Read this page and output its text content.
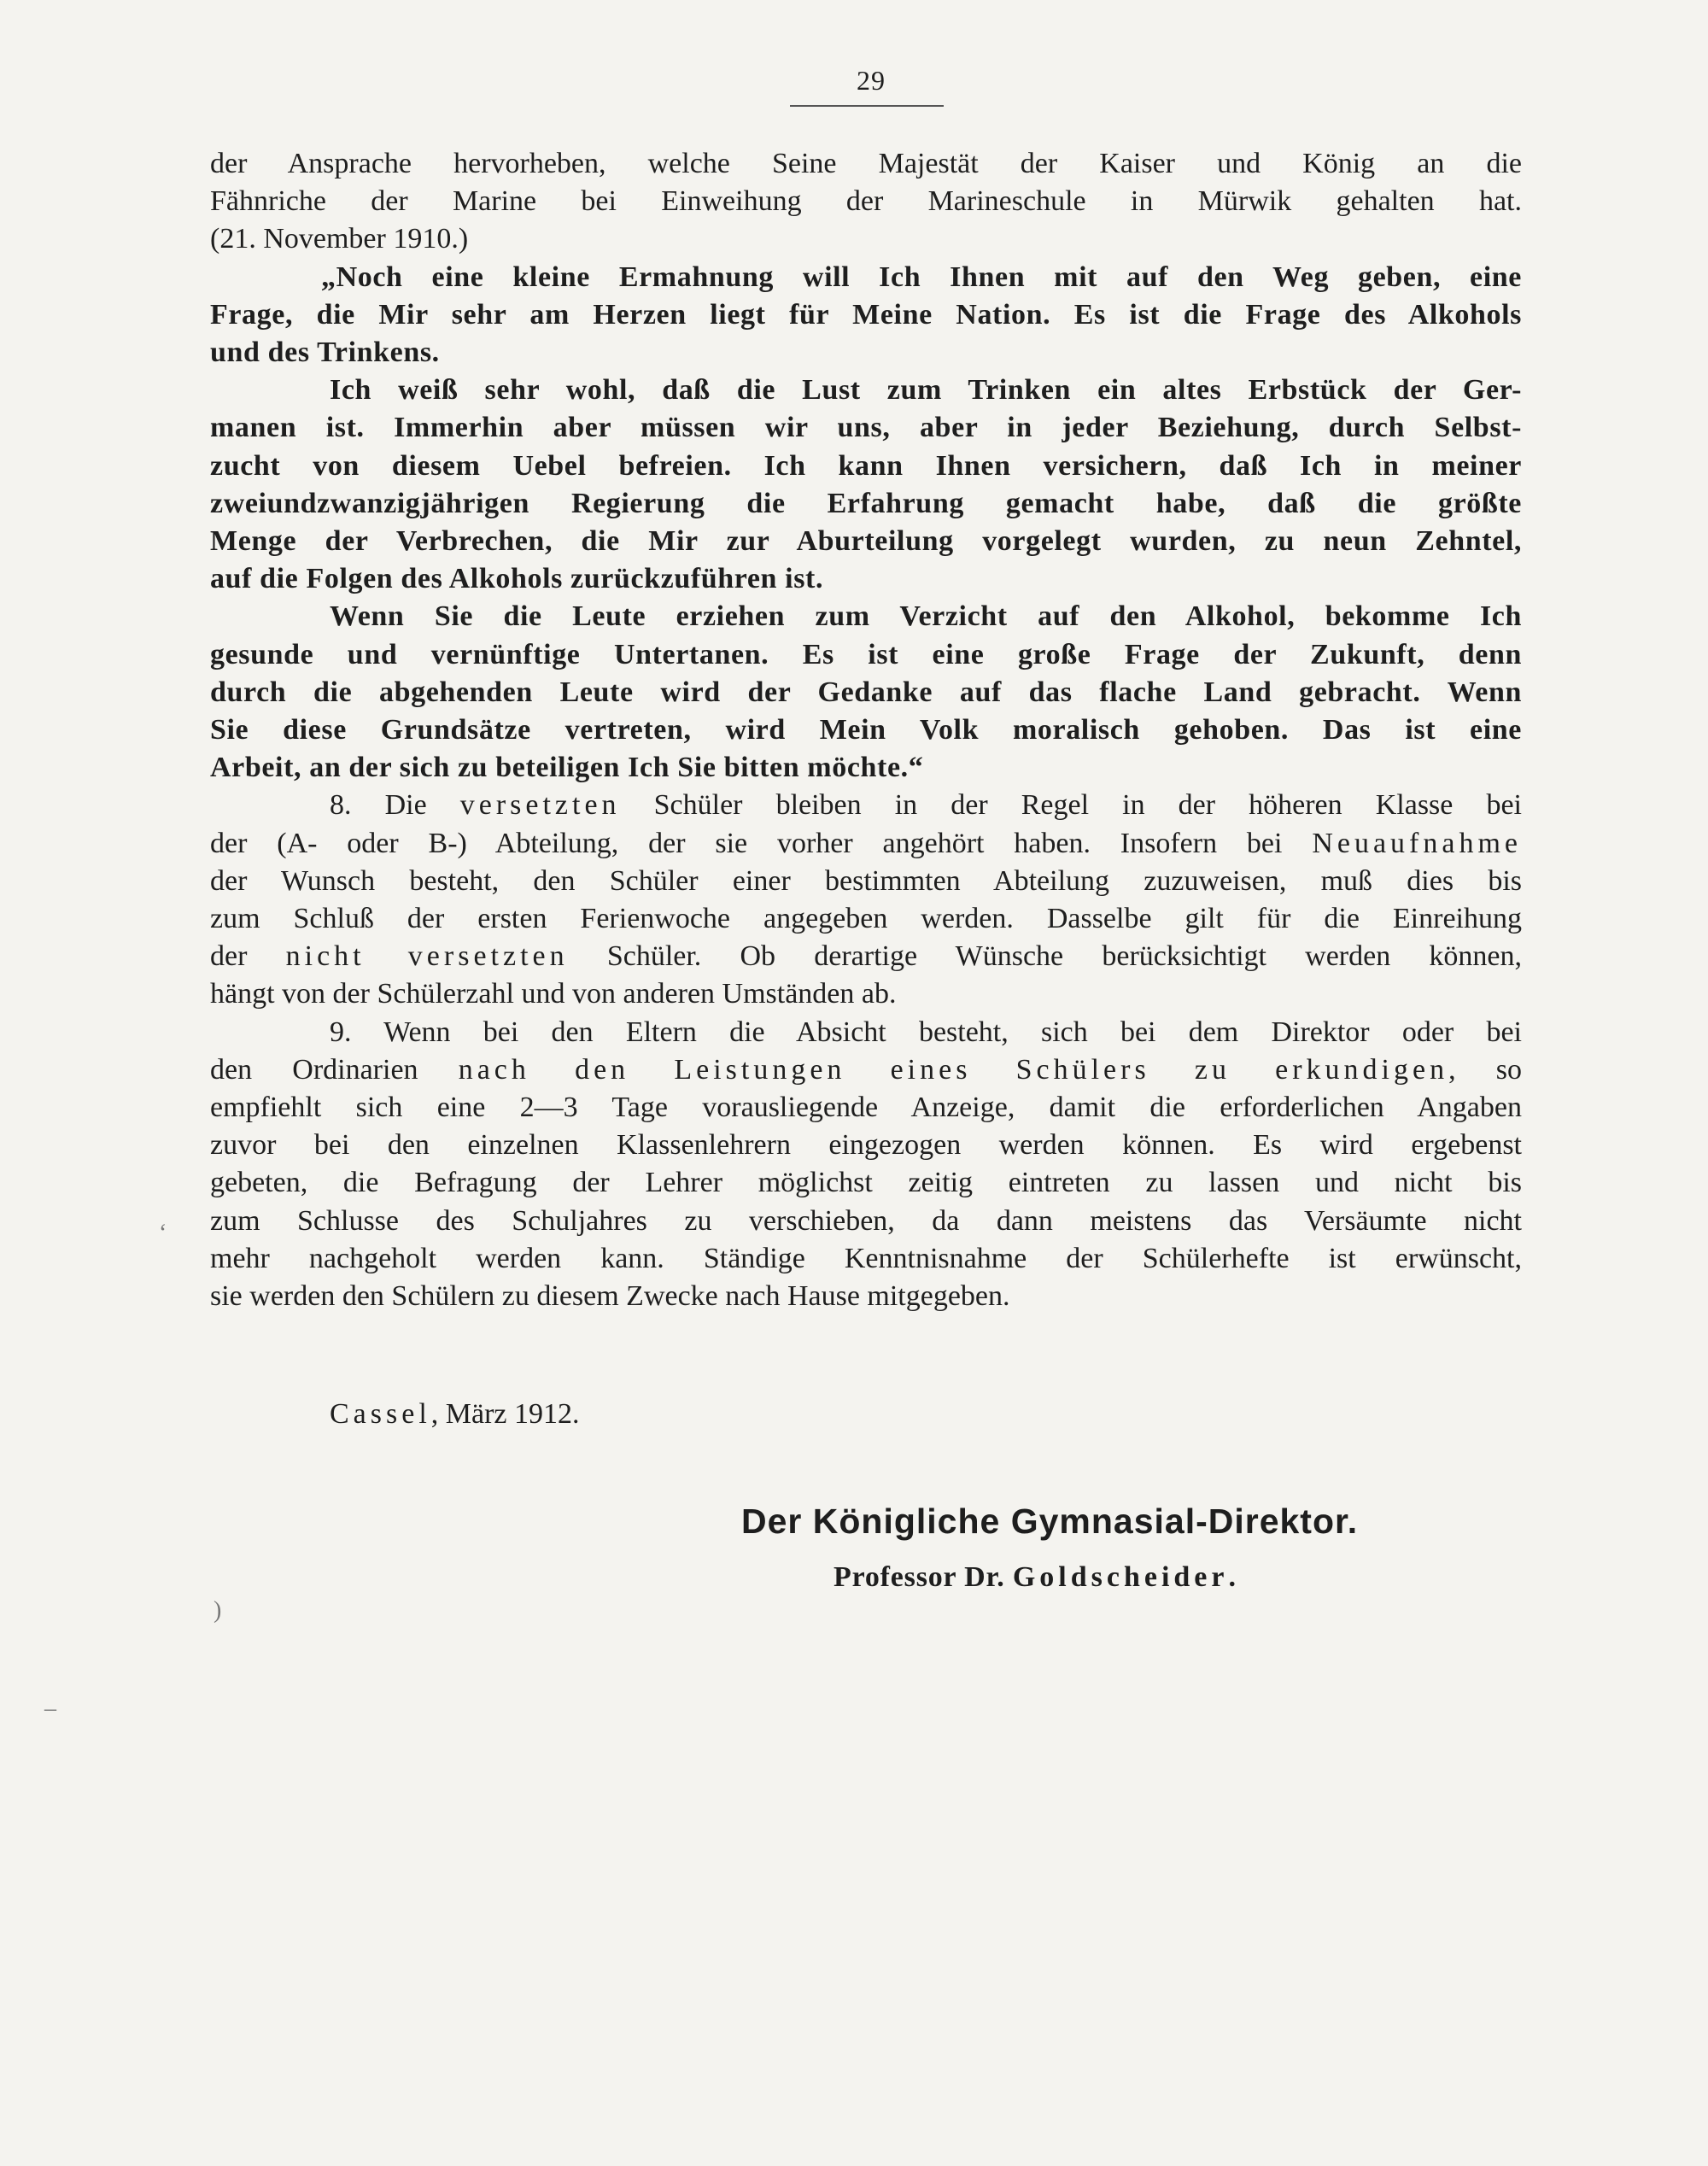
29
der Ansprache hervorheben, welche Seine Majestät der Kaiser und König an die
Fähnriche der Marine bei Einweihung der Marineschule in Mürwik gehalten hat.
(21. November 1910.)
„Noch eine kleine Ermahnung will Ich Ihnen mit auf den Weg geben, eine
Frage, die Mir sehr am Herzen liegt für Meine Nation. Es ist die Frage des Alkohols
und des Trinkens.
Ich weiß sehr wohl, daß die Lust zum Trinken ein altes Erbstück der Ger-
manen ist. Immerhin aber müssen wir uns, aber in jeder Beziehung, durch Selbst-
zucht von diesem Uebel befreien. Ich kann Ihnen versichern, daß Ich in meiner
zweiundzwanzigjährigen Regierung die Erfahrung gemacht habe, daß die größte
Menge der Verbrechen, die Mir zur Aburteilung vorgelegt wurden, zu neun Zehntel,
auf die Folgen des Alkohols zurückzuführen ist.
Wenn Sie die Leute erziehen zum Verzicht auf den Alkohol, bekomme Ich
gesunde und vernünftige Untertanen. Es ist eine große Frage der Zukunft, denn
durch die abgehenden Leute wird der Gedanke auf das flache Land gebracht. Wenn
Sie diese Grundsätze vertreten, wird Mein Volk moralisch gehoben. Das ist eine
Arbeit, an der sich zu beteiligen Ich Sie bitten möchte.“
8. Die versetzten Schüler bleiben in der Regel in der höheren Klasse bei
der (A- oder B-) Abteilung, der sie vorher angehört haben. Insofern bei Neuaufnahme
der Wunsch besteht, den Schüler einer bestimmten Abteilung zuzuweisen, muß dies bis
zum Schluß der ersten Ferienwoche angegeben werden. Dasselbe gilt für die Einreihung
der nicht versetzten Schüler. Ob derartige Wünsche berücksichtigt werden können,
hängt von der Schülerzahl und von anderen Umständen ab.
9. Wenn bei den Eltern die Absicht besteht, sich bei dem Direktor oder bei
den Ordinarien nach den Leistungen eines Schülers zu erkundigen, so
empfiehlt sich eine 2—3 Tage vorausliegende Anzeige, damit die erforderlichen Angaben
zuvor bei den einzelnen Klassenlehrern eingezogen werden können. Es wird ergebenst
gebeten, die Befragung der Lehrer möglichst zeitig eintreten zu lassen und nicht bis
zum Schlusse des Schuljahres zu verschieben, da dann meistens das Versäumte nicht
mehr nachgeholt werden kann. Ständige Kenntnisnahme der Schülerhefte ist erwünscht,
sie werden den Schülern zu diesem Zwecke nach Hause mitgegeben.
Cassel, März 1912.
Der Königliche Gymnasial-Direktor.
Professor Dr. Goldscheider.
‘
)
–
